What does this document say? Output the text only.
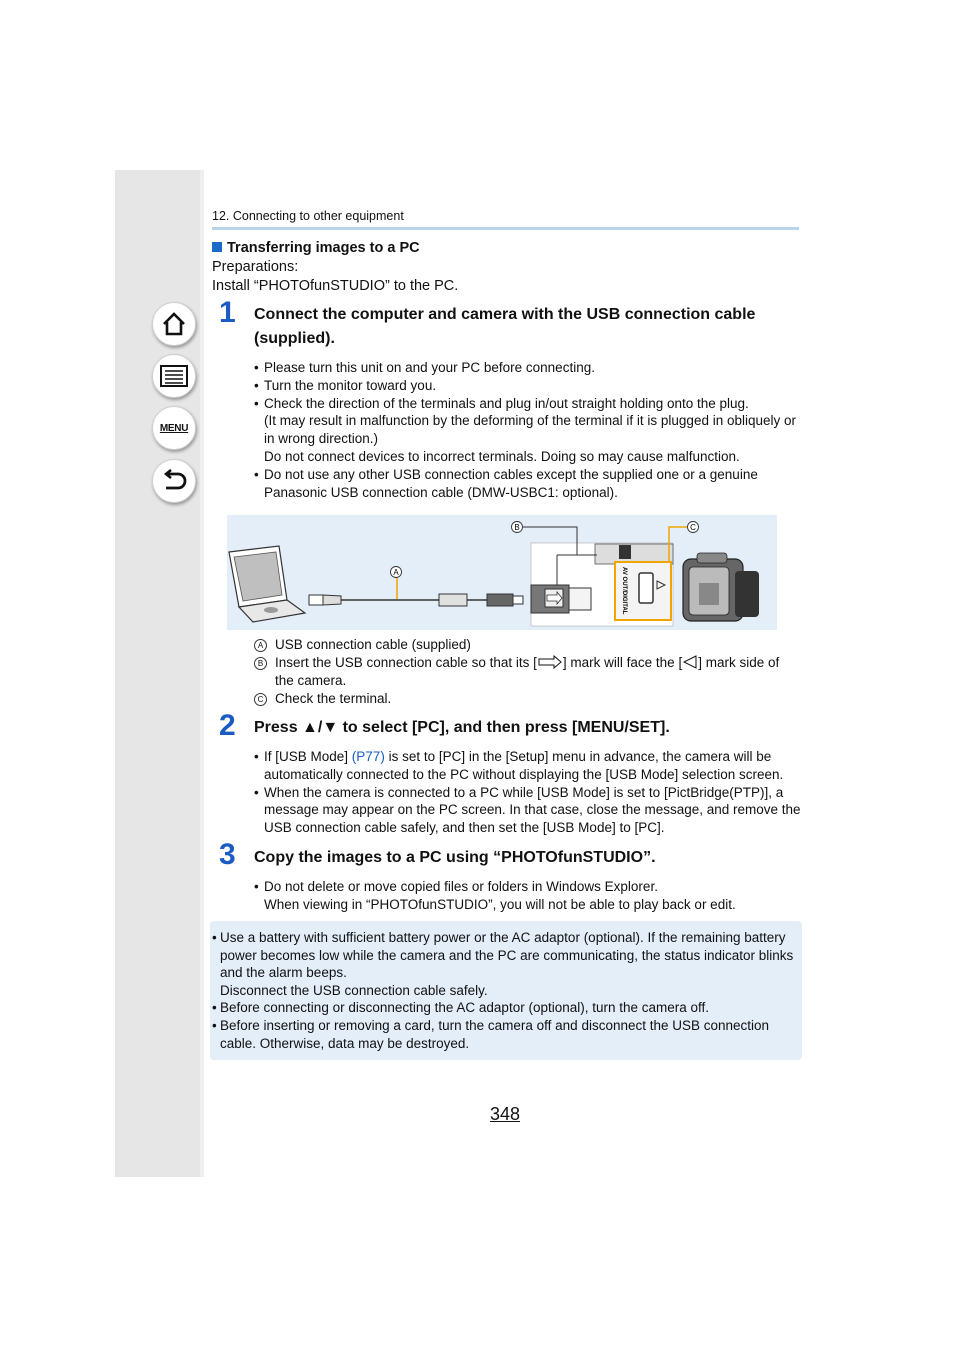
MENU
12. Connecting to other equipment
Transferring images to a PC
Preparations:
Install “PHOTOfunSTUDIO” to the PC.
1 Connect the computer and camera with the USB connection cable (supplied).
• Please turn this unit on and your PC before connecting.
• Turn the monitor toward you.
• Check the direction of the terminals and plug in/out straight holding onto the plug.
(It may result in malfunction by the deforming of the terminal if it is plugged in obliquely or in wrong direction.)
Do not connect devices to incorrect terminals. Doing so may cause malfunction.
• Do not use any other USB connection cables except the supplied one or a genuine Panasonic USB connection cable (DMW-USBC1: optional).
A	AV OUT/DIGITAL
B	C
A USB connection cable (supplied)
B Insert the USB connection cable so that its [ ] mark will face the [ ] mark side of the camera.
C Check the terminal.
2 Press ▲/▼ to select [PC], and then press [MENU/SET].
• If [USB Mode] (P77) is set to [PC] in the [Setup] menu in advance, the camera will be automatically connected to the PC without displaying the [USB Mode] selection screen.
• When the camera is connected to a PC while [USB Mode] is set to [PictBridge(PTP)], a message may appear on the PC screen. In that case, close the message, and remove the USB connection cable safely, and then set the [USB Mode] to [PC].
3 Copy the images to a PC using “PHOTOfunSTUDIO”.
• Do not delete or move copied files or folders in Windows Explorer.
When viewing in “PHOTOfunSTUDIO”, you will not be able to play back or edit.
• Use a battery with sufficient battery power or the AC adaptor (optional). If the remaining battery power becomes low while the camera and the PC are communicating, the status indicator blinks and the alarm beeps.
Disconnect the USB connection cable safely.
• Before connecting or disconnecting the AC adaptor (optional), turn the camera off.
• Before inserting or removing a card, turn the camera off and disconnect the USB connection cable. Otherwise, data may be destroyed.
348
